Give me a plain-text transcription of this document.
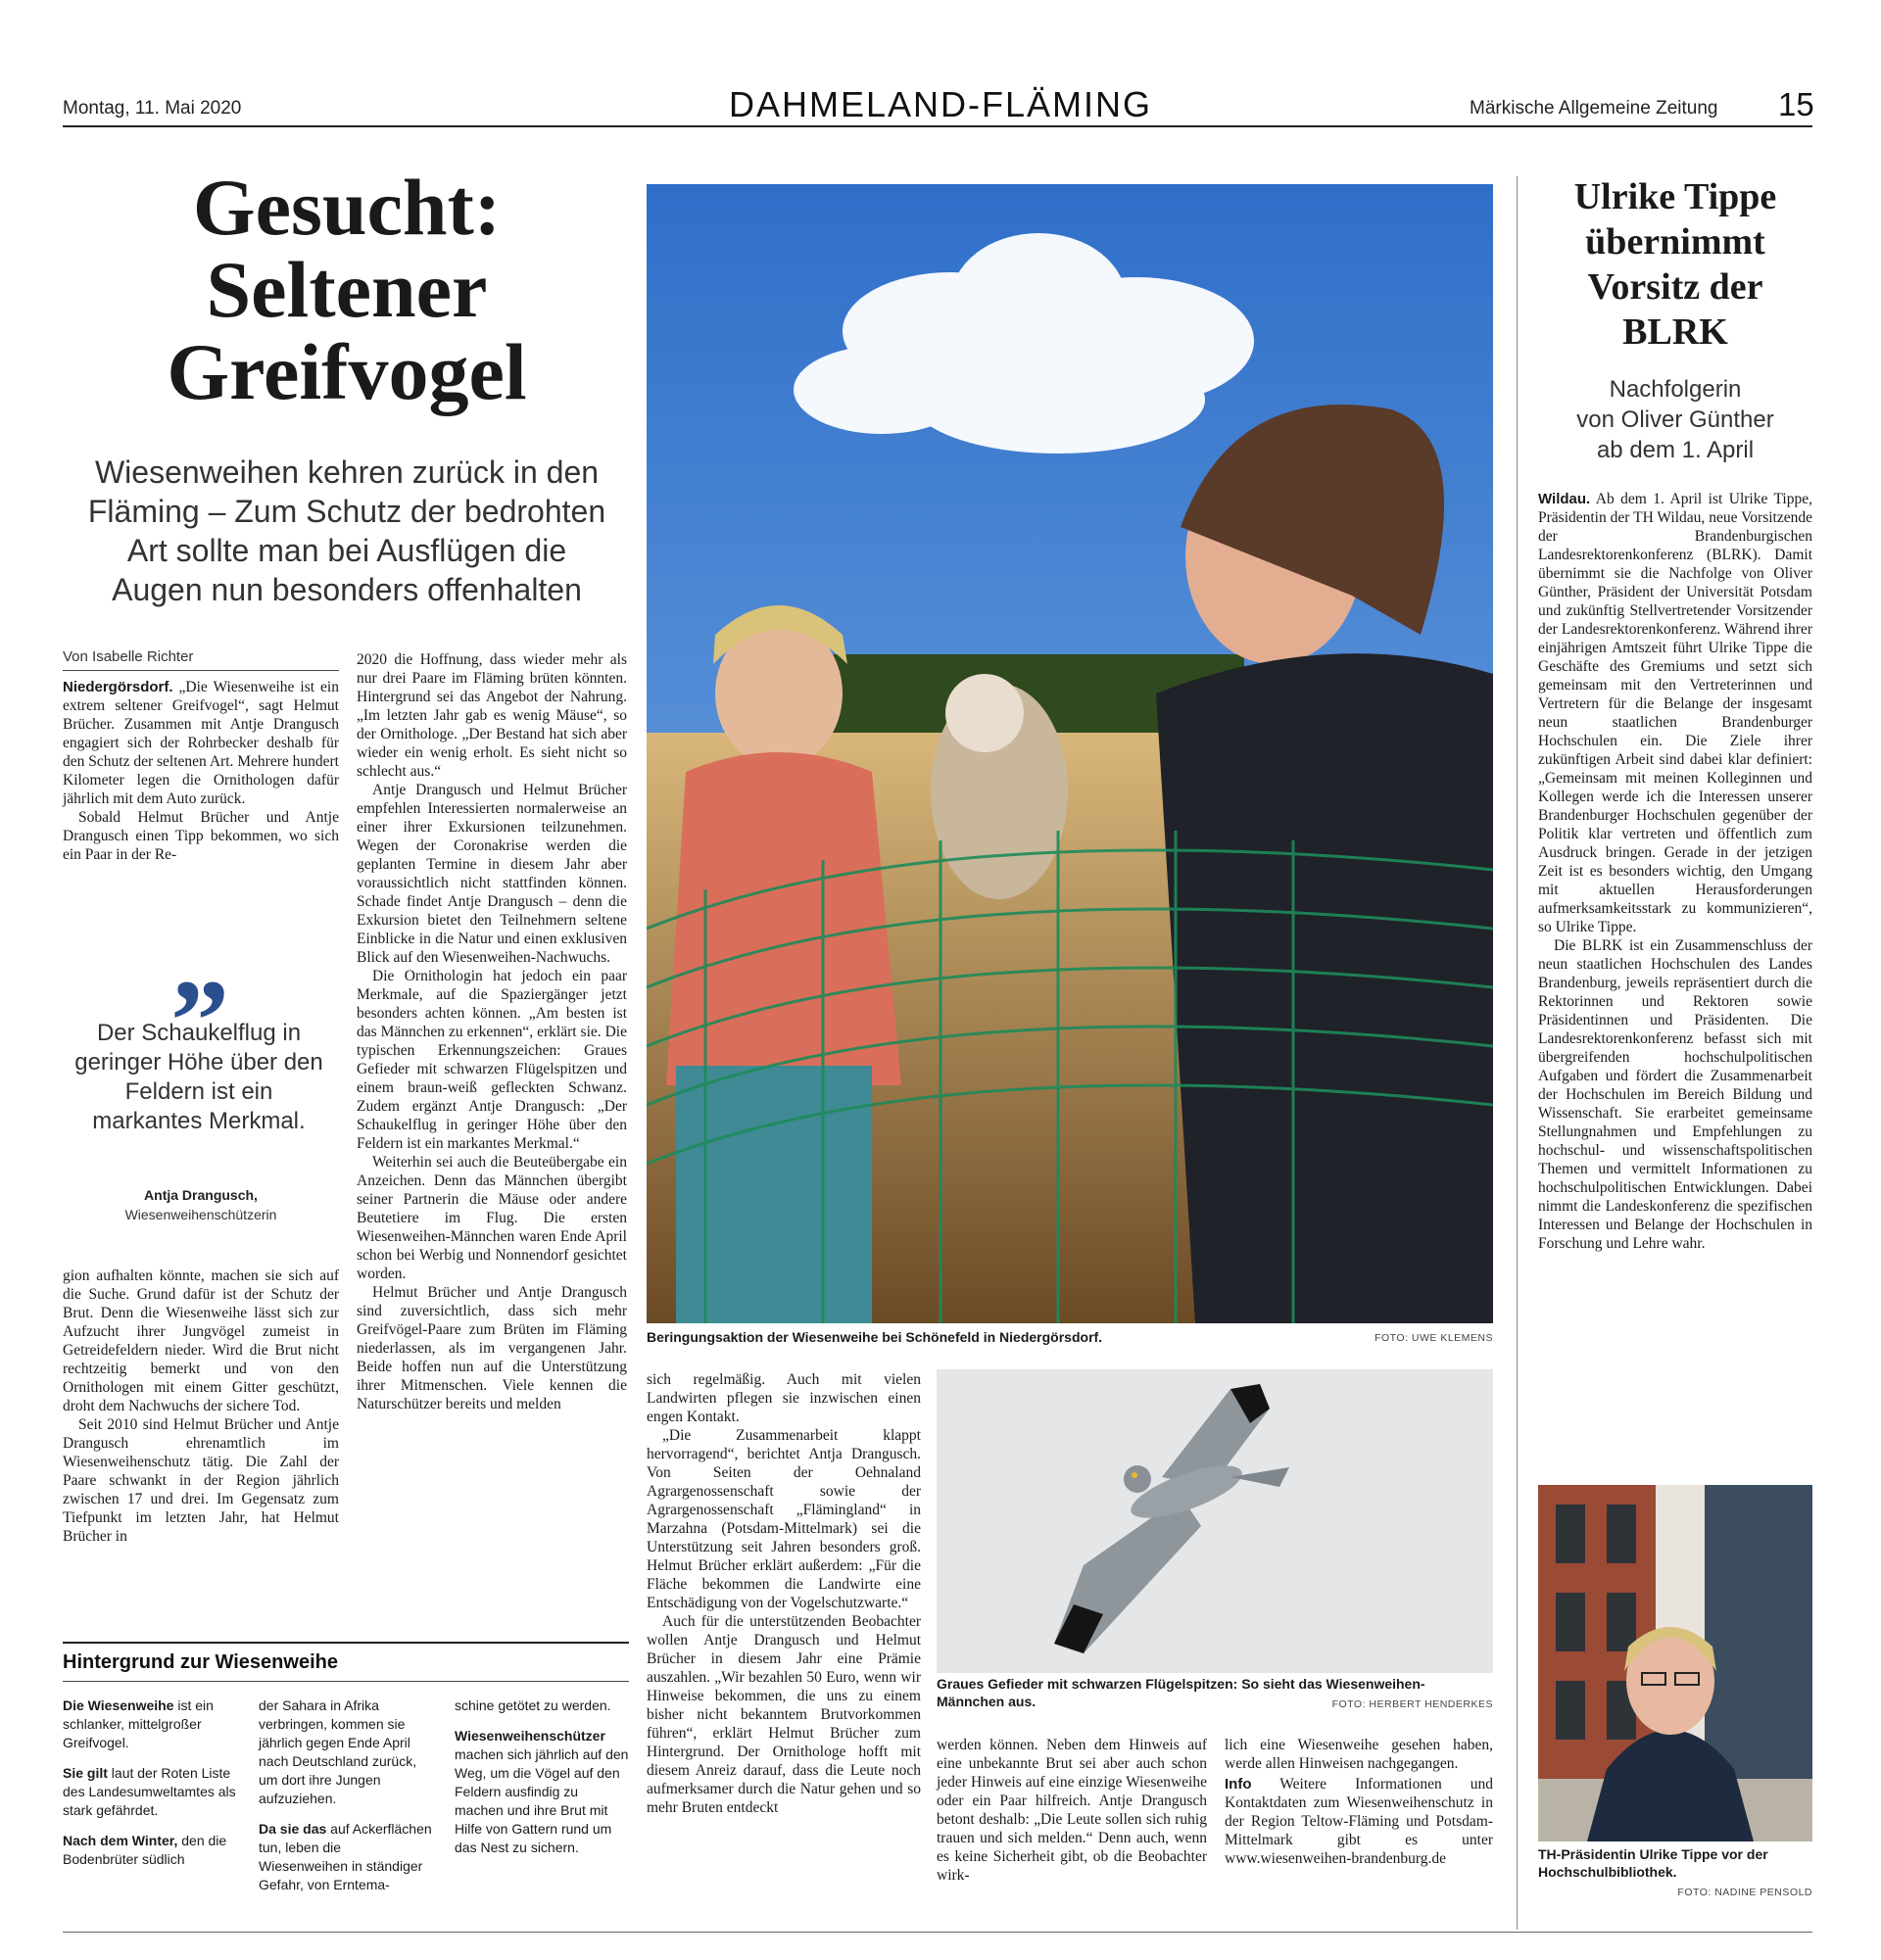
Montag, 11. Mai 2020	DAHMELAND-FLÄMING	Märkische Allgemeine Zeitung 15
Gesucht:
Seltener
Greifvogel
Wiesenweihen kehren zurück in den
Fläming – Zum Schutz der bedrohten
Art sollte man bei Ausflügen die
Augen nun besonders offenhalten
Von Isabelle Richter

Niedergörsdorf. „Die Wiesenweihe ist ein extrem seltener Greifvogel“, sagt Helmut Brücher. Zusammen mit Antje Drangusch engagiert sich der Rohrbecker deshalb für den Schutz der seltenen Art. Mehrere hundert Kilometer legen die Ornithologen dafür jährlich mit dem Auto zurück.

Sobald Helmut Brücher und Antje Drangusch einen Tipp bekommen, wo sich ein Paar in der Re-

„
Der Schaukelflug in geringer Höhe über den Feldern ist ein markantes Merkmal.
Antja Drangusch,
Wiesenweihenschützerin

gion aufhalten könnte, machen sie sich auf die Suche. Grund dafür ist der Schutz der Brut. Denn die Wiesenweihe lässt sich zur Aufzucht ihrer Jungvögel zumeist in Getreidefeldern nieder. Wird die Brut nicht rechtzeitig bemerkt und von den Ornithologen mit einem Gitter geschützt, droht dem Nachwuchs der sichere Tod.

Seit 2010 sind Helmut Brücher und Antje Drangusch ehrenamtlich im Wiesenweihenschutz tätig. Die Zahl der Paare schwankt in der Region jährlich zwischen 17 und drei. Im Gegensatz zum Tiefpunkt im letzten Jahr, hat Helmut Brücher in

2020 die Hoffnung, dass wieder mehr als nur drei Paare im Fläming brüten könnten. Hintergrund sei das Angebot der Nahrung. „Im letzten Jahr gab es wenig Mäuse“, so der Ornithologe. „Der Bestand hat sich aber wieder ein wenig erholt. Es sieht nicht so schlecht aus.“

Antje Drangusch und Helmut Brücher empfehlen Interessierten normalerweise an einer ihrer Exkursionen teilzunehmen. Wegen der Coronakrise werden die geplanten Termine in diesem Jahr aber voraussichtlich nicht stattfinden können. Schade findet Antje Drangusch – denn die Exkursion bietet den Teilnehmern seltene Einblicke in die Natur und einen exklusiven Blick auf den Wiesenweihen-Nachwuchs.

Die Ornithologin hat jedoch ein paar Merkmale, auf die Spaziergänger jetzt besonders achten können. „Am besten ist das Männchen zu erkennen“, erklärt sie. Die typischen Erkennungszeichen: Graues Gefieder mit schwarzen Flügelspitzen und einem braun-weiß gefleckten Schwanz. Zudem ergänzt Antje Drangusch: „Der Schaukelflug in geringer Höhe über den Feldern ist ein markantes Merkmal.“

Weiterhin sei auch die Beuteübergabe ein Anzeichen. Denn das Männchen übergibt seiner Partnerin die Mäuse oder andere Beutetiere im Flug. Die ersten Wiesenweihen-Männchen waren Ende April schon bei Werbig und Nonnendorf gesichtet worden.

Helmut Brücher und Antje Drangusch sind zuversichtlich, dass sich mehr Greifvögel-Paare zum Brüten im Fläming niederlassen, als im vergangenen Jahr. Beide hoffen nun auf die Unterstützung ihrer Mitmenschen. Viele kennen die Naturschützer bereits und melden

Beringungsaktion der Wiesenweihe bei Schönefeld in Niedergörsdorf.	FOTO: UWE KLEMENS

sich regelmäßig. Auch mit vielen Landwirten pflegen sie inzwischen einen engen Kontakt.

„Die Zusammenarbeit klappt hervorragend“, berichtet Antja Drangusch. Von Seiten der Oehnaland Agrargenossenschaft sowie der Agrargenossenschaft „Flämingland“ in Marzahna (Potsdam-Mittelmark) sei die Unterstützung seit Jahren besonders groß. Helmut Brücher erklärt außerdem: „Für die Fläche bekommen die Landwirte eine Entschädigung von der Vogelschutzwarte.“

Auch für die unterstützenden Beobachter wollen Antje Drangusch und Helmut Brücher in diesem Jahr eine Prämie auszahlen. „Wir bezahlen 50 Euro, wenn wir Hinweise bekommen, die uns zu einem bisher nicht bekanntem Brutvorkommen führen“, erklärt Helmut Brücher zum Hintergrund. Der Ornithologe hofft mit diesem Anreiz darauf, dass die Leute noch aufmerksamer durch die Natur gehen und so mehr Bruten entdeckt

Graues Gefieder mit schwarzen Flügelspitzen: So sieht das Wiesenweihen-Männchen aus.	FOTO: HERBERT HENDERKES

werden können. Neben dem Hinweis auf eine unbekannte Brut sei aber auch schon jeder Hinweis auf eine einzige Wiesenweihe oder ein Paar hilfreich. Antje Drangusch betont deshalb: „Die Leute sollen sich ruhig trauen und sich melden.“ Denn auch, wenn es keine Sicherheit gibt, ob die Beobachter wirk-

lich eine Wiesenweihe gesehen haben, werde allen Hinweisen nachgegangen.

Info Weitere Informationen und Kontaktdaten zum Wiesenweihenschutz in der Region Teltow-Fläming und Potsdam-Mittelmark gibt es unter www.wiesenweihen-brandenburg.de

Hintergrund zur Wiesenweihe

Die Wiesenweihe ist ein schlanker, mittelgroßer Greifvogel.

Sie gilt laut der Roten Liste des Landesumweltamtes als stark gefährdet.

Nach dem Winter, den die Bodenbrüter südlich

der Sahara in Afrika verbringen, kommen sie jährlich gegen Ende April nach Deutschland zurück, um dort ihre Jungen aufzuziehen.

Da sie das auf Ackerflächen tun, leben die Wiesenweihen in ständiger Gefahr, von Erntema-

schine getötet zu werden.

Wiesenweihenschützer machen sich jährlich auf den Weg, um die Vögel auf den Feldern ausfindig zu machen und ihre Brut mit Hilfe von Gattern rund um das Nest zu sichern.

Ulrike Tippe
übernimmt
Vorsitz der
BLRK
Nachfolgerin
von Oliver Günther
ab dem 1. April

Wildau. Ab dem 1. April ist Ulrike Tippe, Präsidentin der TH Wildau, neue Vorsitzende der Brandenburgischen Landesrektorenkonferenz (BLRK). Damit übernimmt sie die Nachfolge von Oliver Günther, Präsident der Universität Potsdam und zukünftig Stellvertretender Vorsitzender der Landesrektorenkonferenz. Während ihrer einjährigen Amtszeit führt Ulrike Tippe die Geschäfte des Gremiums und setzt sich gemeinsam mit den Vertreterinnen und Vertretern für die Belange der insgesamt neun staatlichen Brandenburger Hochschulen ein. Die Ziele ihrer zukünftigen Arbeit sind dabei klar definiert: „Gemeinsam mit meinen Kolleginnen und Kollegen werde ich die Interessen unserer Brandenburger Hochschulen gegenüber der Politik klar vertreten und öffentlich zum Ausdruck bringen. Gerade in der jetzigen Zeit ist es besonders wichtig, den Umgang mit aktuellen Herausforderungen aufmerksamkeitsstark zu kommunizieren“, so Ulrike Tippe.

Die BLRK ist ein Zusammenschluss der neun staatlichen Hochschulen des Landes Brandenburg, jeweils repräsentiert durch die Rektorinnen und Rektoren sowie Präsidentinnen und Präsidenten. Die Landesrektorenkonferenz befasst sich mit übergreifenden hochschulpolitischen Aufgaben und fördert die Zusammenarbeit der Hochschulen im Bereich Bildung und Wissenschaft. Sie erarbeitet gemeinsame Stellungnahmen und Empfehlungen zu hochschul- und wissenschaftspolitischen Themen und vermittelt Informationen zu hochschulpolitischen Entwicklungen. Dabei nimmt die Landeskonferenz die spezifischen Interessen und Belange der Hochschulen in Forschung und Lehre wahr.

TH-Präsidentin Ulrike Tippe vor der Hochschulbibliothek.
FOTO: NADINE PENSOLD
